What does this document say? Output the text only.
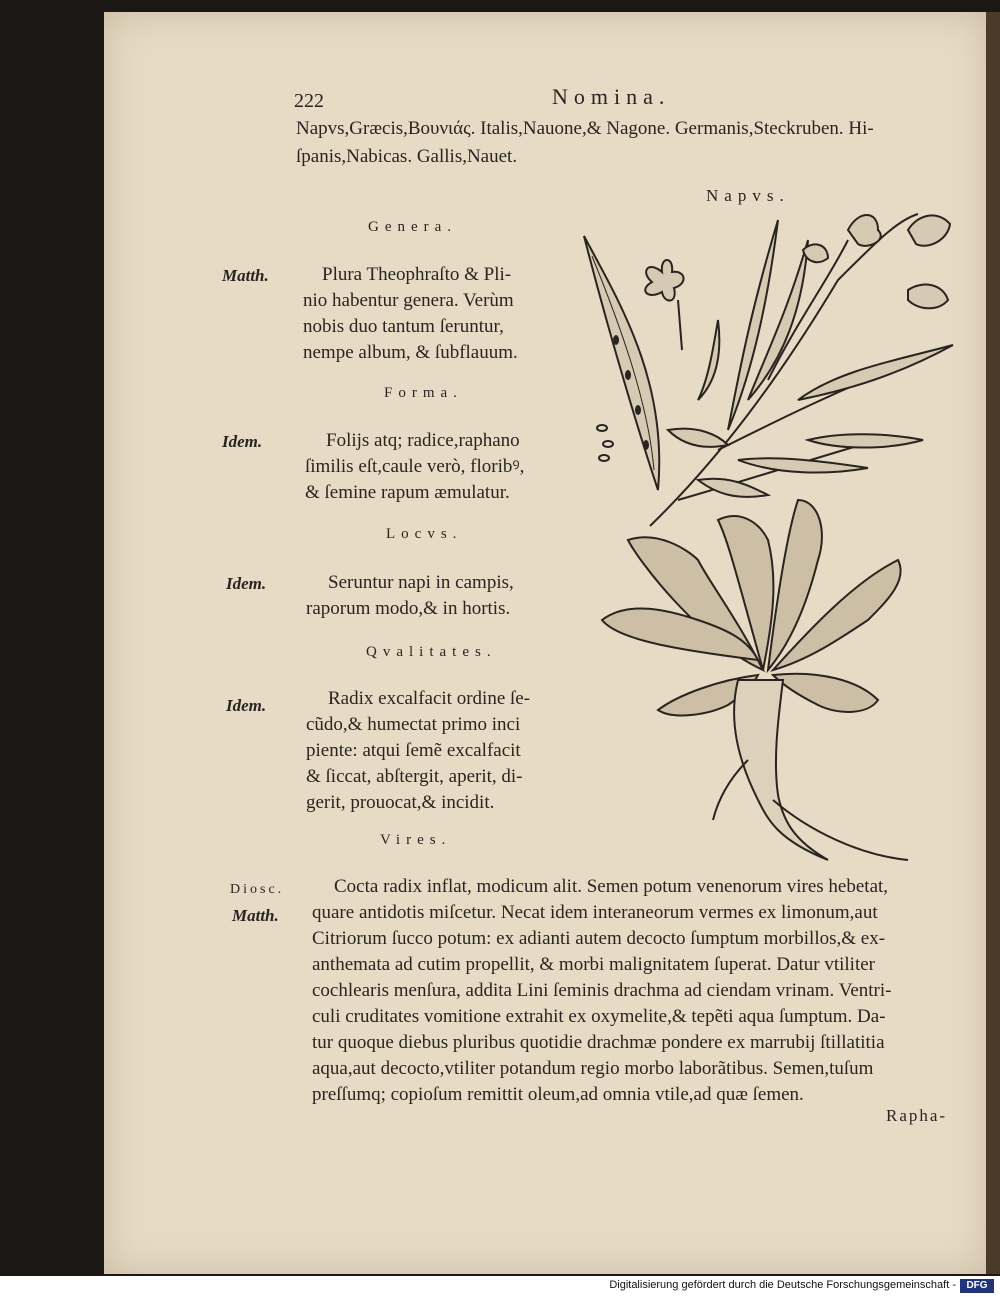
222	Nomina.
Napvs,Græcis,Βουνιάς. Italis,Nauone,& Nagone. Germanis,Steckruben. Hi-
ſpanis,Nabicas. Gallis,Nauet.
Napvs.
Genera.
Matth.	Plura Theophraſto & Pli-
nio habentur genera. Verùm
nobis duo tantum ſeruntur,
nempe album, & ſubflauum.
Forma.
Idem.	Folijs atq; radice,raphano
ſimilis eſt,caule verò, floribꝰ,
& ſemine rapum æmulatur.
Locvs.
Idem.	Seruntur napi in campis,
raporum modo,& in hortis.
Qvalitates.
Idem.	Radix excalfacit ordine ſe-
cũdo,& humectat primo inci
piente: atqui ſemẽ excalfacit
& ſiccat, abſtergit, aperit, di-
gerit, prouocat,& incidit.
Vires.
Diosc.
Matth.
Cocta radix inflat, modicum alit. Semen potum venenorum vires hebetat,
quare antidotis miſcetur. Necat idem interaneorum vermes ex limonum,aut
Citriorum ſucco potum: ex adianti autem decocto ſumptum morbillos,& ex-
anthemata ad cutim propellit, & morbi malignitatem ſuperat. Datur vtiliter
cochlearis menſura, addita Lini ſeminis drachma ad ciendam vrinam. Ventri-
culi cruditates vomitione extrahit ex oxymelite,& tepẽti aqua ſumptum. Da-
tur quoque diebus pluribus quotidie drachmæ pondere ex marrubij ſtillatitia
aqua,aut decocto,vtiliter potandum regio morbo laborãtibus. Semen,tuſum
preſſumq; copioſum remittit oleum,ad omnia vtile,ad quæ ſemen.
Rapha-
Digitalisierung gefördert durch die Deutsche Forschungsgemeinschaft -	DFG
